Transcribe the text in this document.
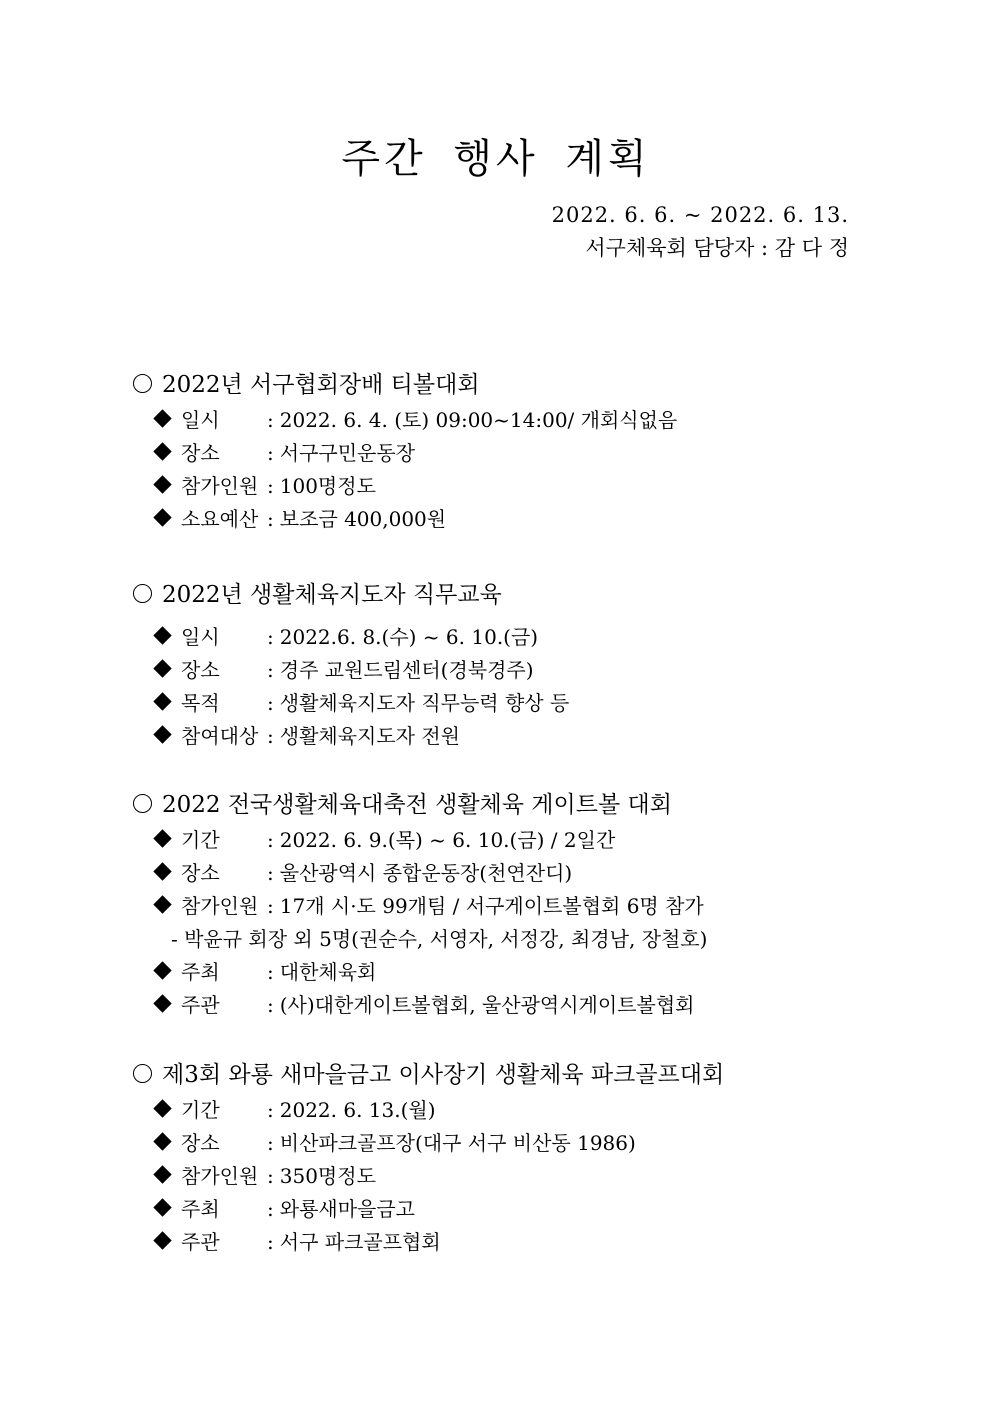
주간 행사 계획
2022. 6. 6. ~ 2022. 6. 13.
서구체육회 담당자 : 감 다 정
2022년 서구협회장배 티볼대회
일시 : 2022. 6. 4. (토) 09:00~14:00/ 개회식없음
장소 : 서구구민운동장
참가인원 : 100명정도
소요예산 : 보조금 400,000원
2022년 생활체육지도자 직무교육
일시 : 2022.6. 8.(수) ~ 6. 10.(금)
장소 : 경주 교원드림센터(경북경주)
목적 : 생활체육지도자 직무능력 향상 등
참여대상 : 생활체육지도자 전원
2022 전국생활체육대축전 생활체육 게이트볼 대회
기간 : 2022. 6. 9.(목) ~ 6. 10.(금) / 2일간
장소 : 울산광역시 종합운동장(천연잔디)
참가인원 : 17개 시·도 99개팀 / 서구게이트볼협회 6명 참가
- 박윤규 회장 외 5명(권순수, 서영자, 서정강, 최경남, 장철호)
주최 : 대한체육회
주관 : (사)대한게이트볼협회, 울산광역시게이트볼협회
제3회 와룡 새마을금고 이사장기 생활체육 파크골프대회
기간 : 2022. 6. 13.(월)
장소 : 비산파크골프장(대구 서구 비산동 1986)
참가인원 : 350명정도
주최 : 와룡새마을금고
주관 : 서구 파크골프협회
